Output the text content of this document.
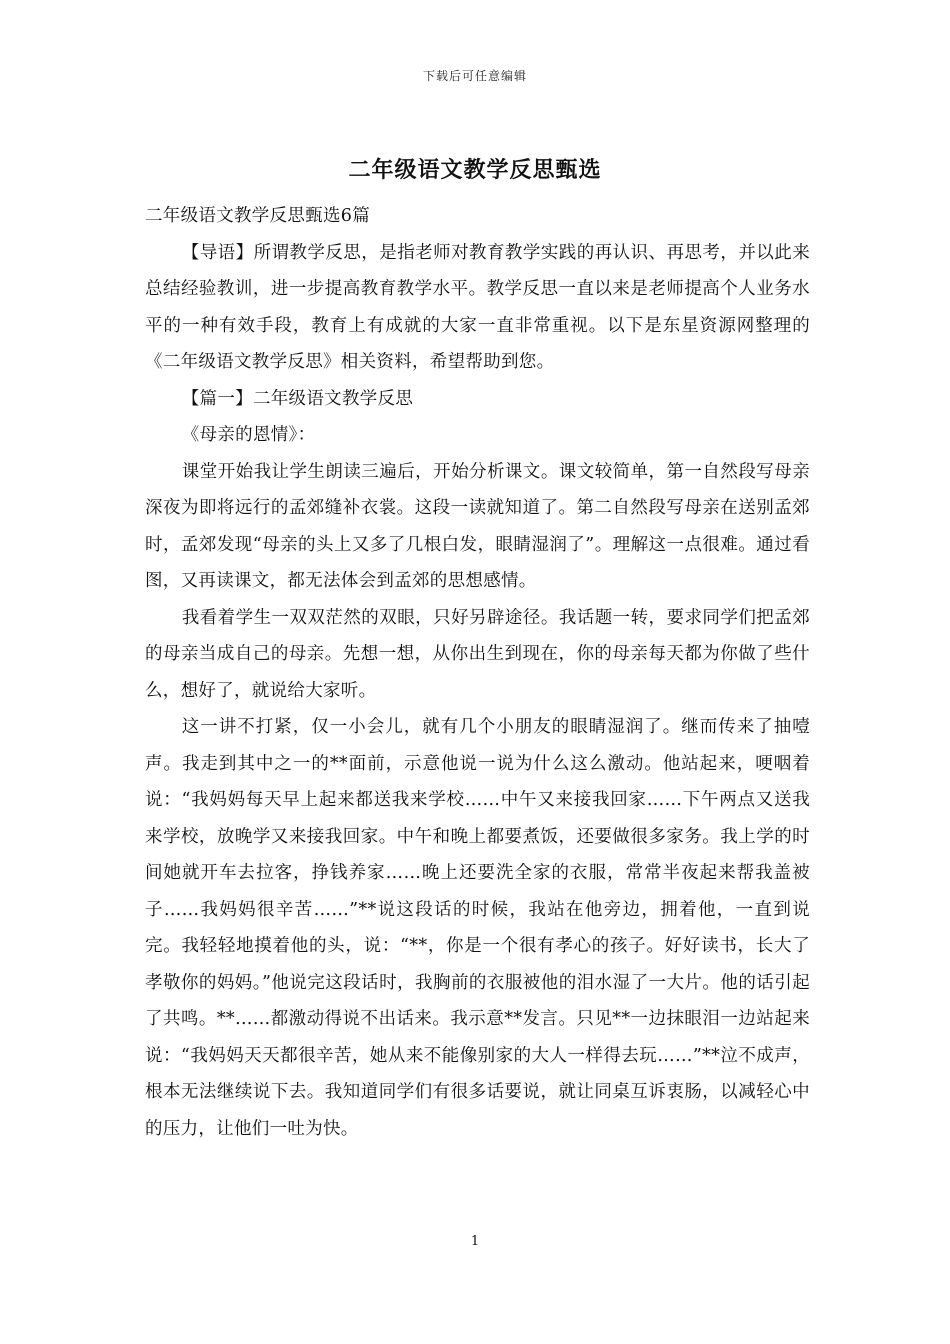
下载后可任意编辑
二年级语文教学反思甄选

二年级语文教学反思甄选6篇

【导语】所谓教学反思，是指老师对教育教学实践的再认识、再思考，并以此来总结经验教训，进一步提高教育教学水平。教学反思一直以来是老师提高个人业务水平的一种有效手段，教育上有成就的大家一直非常重视。以下是东星资源网整理的《二年级语文教学反思》相关资料，希望帮助到您。

【篇一】二年级语文教学反思

《母亲的恩情》：

课堂开始我让学生朗读三遍后，开始分析课文。课文较简单，第一自然段写母亲深夜为即将远行的孟郊缝补衣裳。这段一读就知道了。第二自然段写母亲在送别孟郊时，孟郊发现“母亲的头上又多了几根白发，眼睛湿润了”。理解这一点很难。通过看图，又再读课文，都无法体会到孟郊的思想感情。

我看着学生一双双茫然的双眼，只好另辟途径。我话题一转，要求同学们把孟郊的母亲当成自己的母亲。先想一想，从你出生到现在，你的母亲每天都为你做了些什么，想好了，就说给大家听。

这一讲不打紧，仅一小会儿，就有几个小朋友的眼睛湿润了。继而传来了抽噎声。我走到其中之一的**面前，示意他说一说为什么这么激动。他站起来，哽咽着说：“我妈妈每天早上起来都送我来学校……中午又来接我回家……下午两点又送我来学校，放晚学又来接我回家。中午和晚上都要煮饭，还要做很多家务。我上学的时间她就开车去拉客，挣钱养家……晚上还要洗全家的衣服，常常半夜起来帮我盖被子……我妈妈很辛苦……”**说这段话的时候，我站在他旁边，拥着他，一直到说完。我轻轻地摸着他的头，说：“**，你是一个很有孝心的孩子。好好读书，长大了孝敬你的妈妈。”他说完这段话时，我胸前的衣服被他的泪水湿了一大片。他的话引起了共鸣。**……都激动得说不出话来。我示意**发言。只见**一边抹眼泪一边站起来说：“我妈妈天天都很辛苦，她从来不能像别家的大人一样得去玩……”**泣不成声，根本无法继续说下去。我知道同学们有很多话要说，就让同桌互诉衷肠，以减轻心中的压力，让他们一吐为快。

1
